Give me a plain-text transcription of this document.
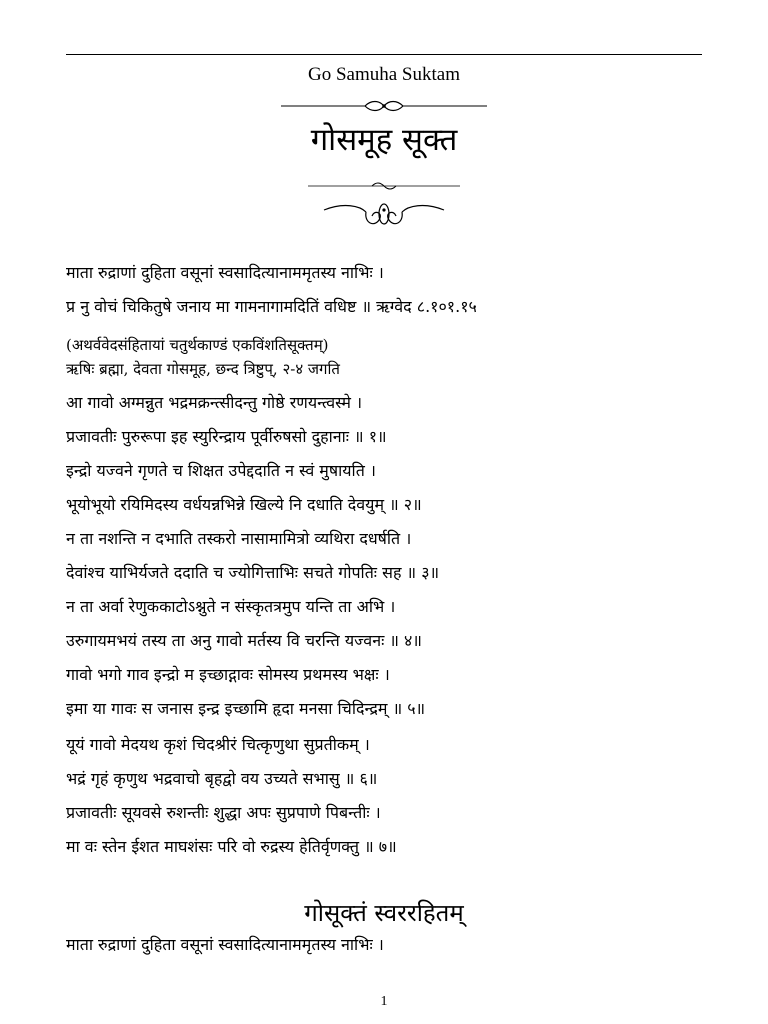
Go Samuha Suktam
गोसमूह सूक्त
माता रुद्राणां दुहिता वसूनां स्वसादित्यानाममृतस्य नाभिः ।
प्र नु वोचं चिकितुषे जनाय मा गामनागामदितिं वधिष्ट ॥ ऋग्वेद ८.१०१.१५
(अथर्ववेदसंहितायां चतुर्थकाण्डं एकविंशतिसूक्तम्)
ऋषिः ब्रह्मा, देवता गोसमूह, छन्द त्रिष्टुप्, २-४ जगति
आ गावो अग्मन्नुत भद्रमक्रन्त्सीदन्तु गोष्ठे रणयन्त्वस्मे ।
प्रजावतीः पुरुरूपा इह स्युरिन्द्राय पूर्वीरुषसो दुहानाः ॥ १॥
इन्द्रो यज्वने गृणते च शिक्षत उपेद्ददाति न स्वं मुषायति ।
भूयोभूयो रयिमिदस्य वर्धयन्नभिन्ने खिल्ये नि दधाति देवयुम् ॥ २॥
न ता नशन्ति न दभाति तस्करो नासामामित्रो व्यथिरा दधर्षति ।
देवांश्च याभिर्यजते ददाति च ज्योगित्ताभिः सचते गोपतिः सह ॥ ३॥
न ता अर्वा रेणुककाटोऽश्नुते न संस्कृतत्रमुप यन्ति ता अभि ।
उरुगायमभयं तस्य ता अनु गावो मर्तस्य वि चरन्ति यज्वनः ॥ ४॥
गावो भगो गाव इन्द्रो म इच्छाद्गावः सोमस्य प्रथमस्य भक्षः ।
इमा या गावः स जनास इन्द्र इच्छामि हृदा मनसा चिदिन्द्रम् ॥ ५॥
यूयं गावो मेदयथ कृशं चिदश्रीरं चित्कृणुथा सुप्रतीकम् ।
भद्रं गृहं कृणुथ भद्रवाचो बृहद्वो वय उच्यते सभासु ॥ ६॥
प्रजावतीः सूयवसे रुशन्तीः शुद्धा अपः सुप्रपाणे पिबन्तीः ।
मा वः स्तेन ईशत माघशंसः परि वो रुद्रस्य हेतिर्वृणक्तु ॥ ७॥
गोसूक्तं स्वररहितम्
माता रुद्राणां दुहिता वसूनां स्वसादित्यानाममृतस्य नाभिः ।
1
